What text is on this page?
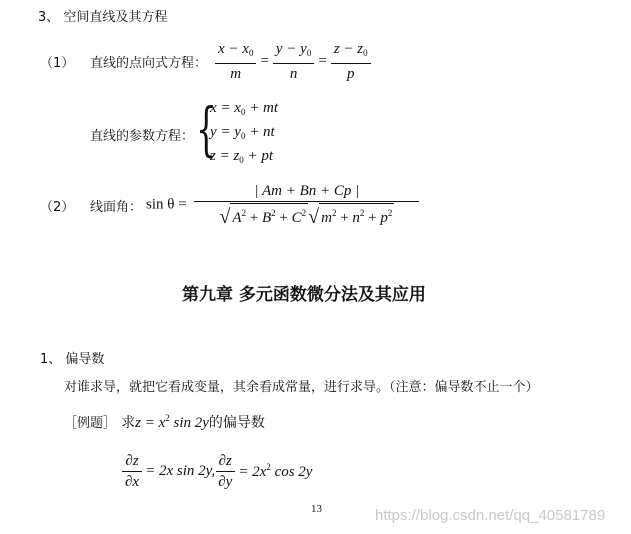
3、 空间直线及其方程
（1） 直线的点向式方程： $\frac{x - x_0}{m} = \frac{y - y_0}{n} = \frac{z - z_0}{p}$
直线的参数方程： {
$x = x_0$ + mt
$y = y_0$ + nt
$z = z_0$ + pt
（2） 线面角： $\sin \theta = \frac{| Am + Bn + Cp |}{√ A^2 + B^2 + C^2 √ m^2 + n^2 + p^2}$
第九章 多元函数微分法及其应用
1、 偏导数
对谁求导，就把它看成变量，其余看成常量，进行求导。（注意：偏导数不止一个）
［例题］ 求$z = x^2$ sin 2y的偏导数
$\frac{\partial z}{\partial x} = 2x$ sin 2y, $\frac{\partial z}{\partial y} = 2x^2$ cos 2y
13	https://blog.csdn.net/qq_40581789
